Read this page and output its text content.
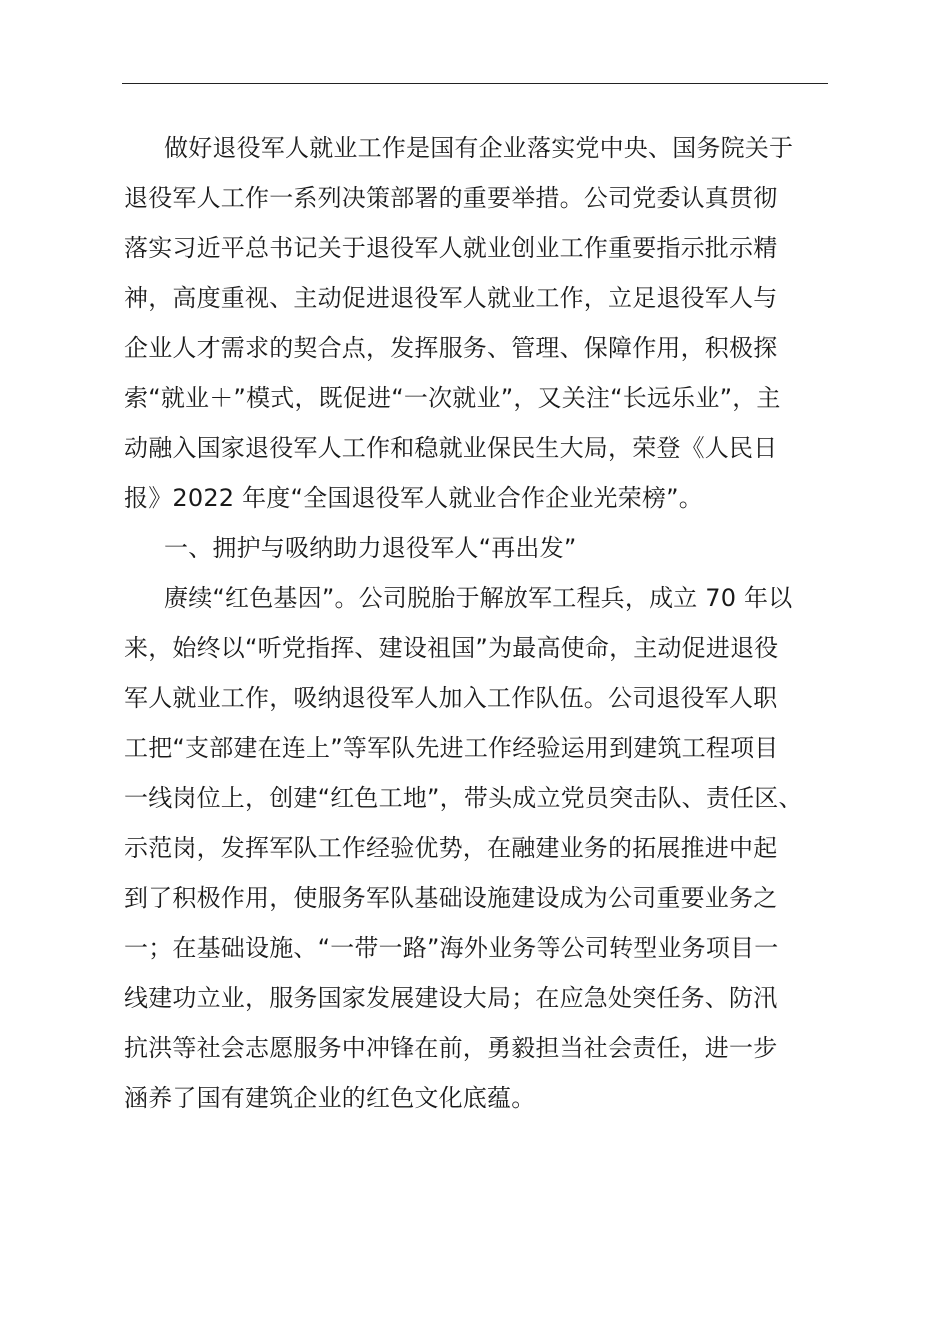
做好退役军人就业工作是国有企业落实党中央、国务院关于
退役军人工作一系列决策部署的重要举措。公司党委认真贯彻
落实习近平总书记关于退役军人就业创业工作重要指示批示精
神，高度重视、主动促进退役军人就业工作，立足退役军人与
企业人才需求的契合点，发挥服务、管理、保障作用，积极探
索“就业＋”模式，既促进“一次就业”，又关注“长远乐业”，主
动融入国家退役军人工作和稳就业保民生大局，荣登《人民日
报》2022 年度“全国退役军人就业合作企业光荣榜”。
一、拥护与吸纳助力退役军人“再出发”
赓续“红色基因”。公司脱胎于解放军工程兵，成立 70 年以
来，始终以“听党指挥、建设祖国”为最高使命，主动促进退役
军人就业工作，吸纳退役军人加入工作队伍。公司退役军人职
工把“支部建在连上”等军队先进工作经验运用到建筑工程项目
一线岗位上，创建“红色工地”，带头成立党员突击队、责任区、
示范岗，发挥军队工作经验优势，在融建业务的拓展推进中起
到了积极作用，使服务军队基础设施建设成为公司重要业务之
一；在基础设施、“一带一路”海外业务等公司转型业务项目一
线建功立业，服务国家发展建设大局；在应急处突任务、防汛
抗洪等社会志愿服务中冲锋在前，勇毅担当社会责任，进一步
涵养了国有建筑企业的红色文化底蕴。
